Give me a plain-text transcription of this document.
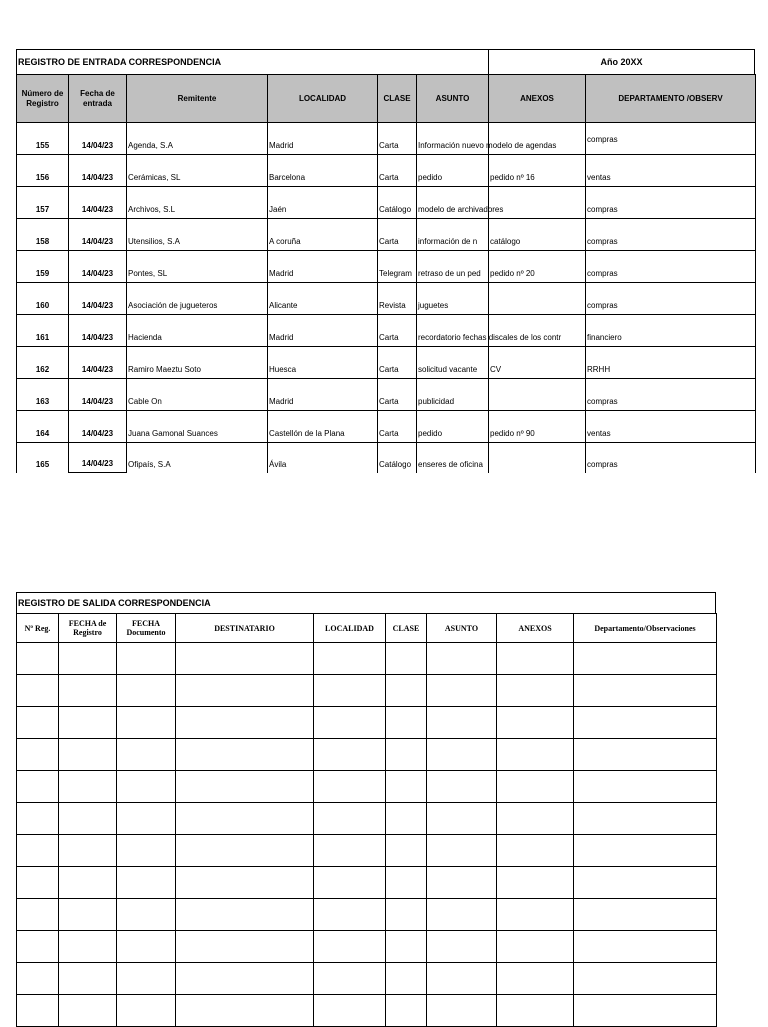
REGISTRO DE ENTRADA CORRESPONDENCIA	Año 20XX
Número de Registro	Fecha de entrada	Remitente	LOCALIDAD	CLASE	ASUNTO	ANEXOS	DEPARTAMENTO /OBSERV
155	14/04/23	Agenda, S.A	Madrid	Carta	Información nuevo modelo de agendas		compras
156	14/04/23	Cerámicas, SL	Barcelona	Carta	pedido	pedido nº 16	ventas
157	14/04/23	Archivos, S.L	Jaén	Catálogo	modelo de archivadores		compras
158	14/04/23	Utensilios, S.A	A coruña	Carta	información de n	catálogo	compras
159	14/04/23	Pontes, SL	Madrid	Telegram	retraso de un ped	pedido nº 20	compras
160	14/04/23	Asociación de jugueteros	Alicante	Revista	juguetes		compras
161	14/04/23	Hacienda	Madrid	Carta	recordatorio fechas discales de los contr		financiero
162	14/04/23	Ramiro Maeztu Soto	Huesca	Carta	solicitud vacante	CV	RRHH
163	14/04/23	Cable On	Madrid	Carta	publicidad		compras
164	14/04/23	Juana Gamonal Suances	Castellón de la Plana	Carta	pedido	pedido nº 90	ventas
165	14/04/23	Ofipaís, S.A	Ávila	Catálogo	enseres de oficina		compras
REGISTRO DE SALIDA CORRESPONDENCIA
Nº Reg.	FECHA de Registro	FECHA Documento	DESTINATARIO	LOCALIDAD	CLASE	ASUNTO	ANEXOS	Departamento/Observaciones
